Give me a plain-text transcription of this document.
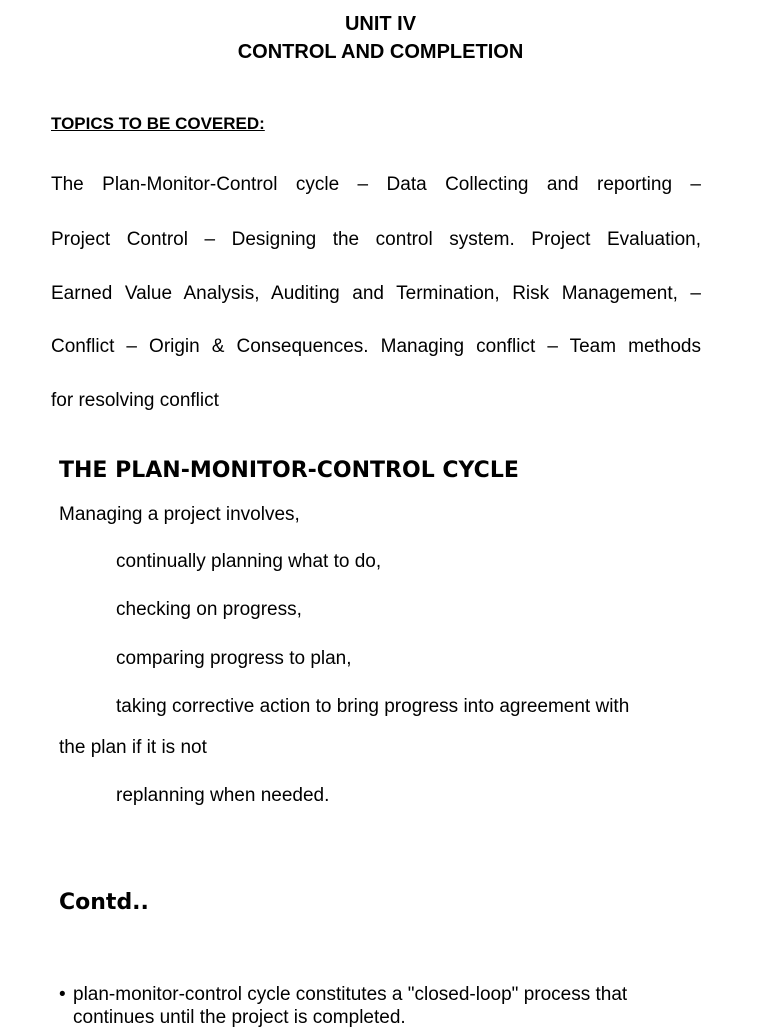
UNIT IV
CONTROL AND COMPLETION

TOPICS TO BE COVERED:

The Plan-Monitor-Control cycle – Data Collecting and reporting –

Project Control – Designing the control system. Project Evaluation,

Earned Value Analysis, Auditing and Termination, Risk Management, –

Conflict – Origin & Consequences. Managing conflict – Team methods

for resolving conflict

THE PLAN-MONITOR-CONTROL CYCLE

Managing a project involves,

continually planning what to do,

checking on progress,

comparing progress to plan,

taking corrective action to bring progress into agreement with

the plan if it is not

replanning when needed.

Contd..

• plan-monitor-control cycle constitutes a "closed-loop" process that

continues until the project is completed.
